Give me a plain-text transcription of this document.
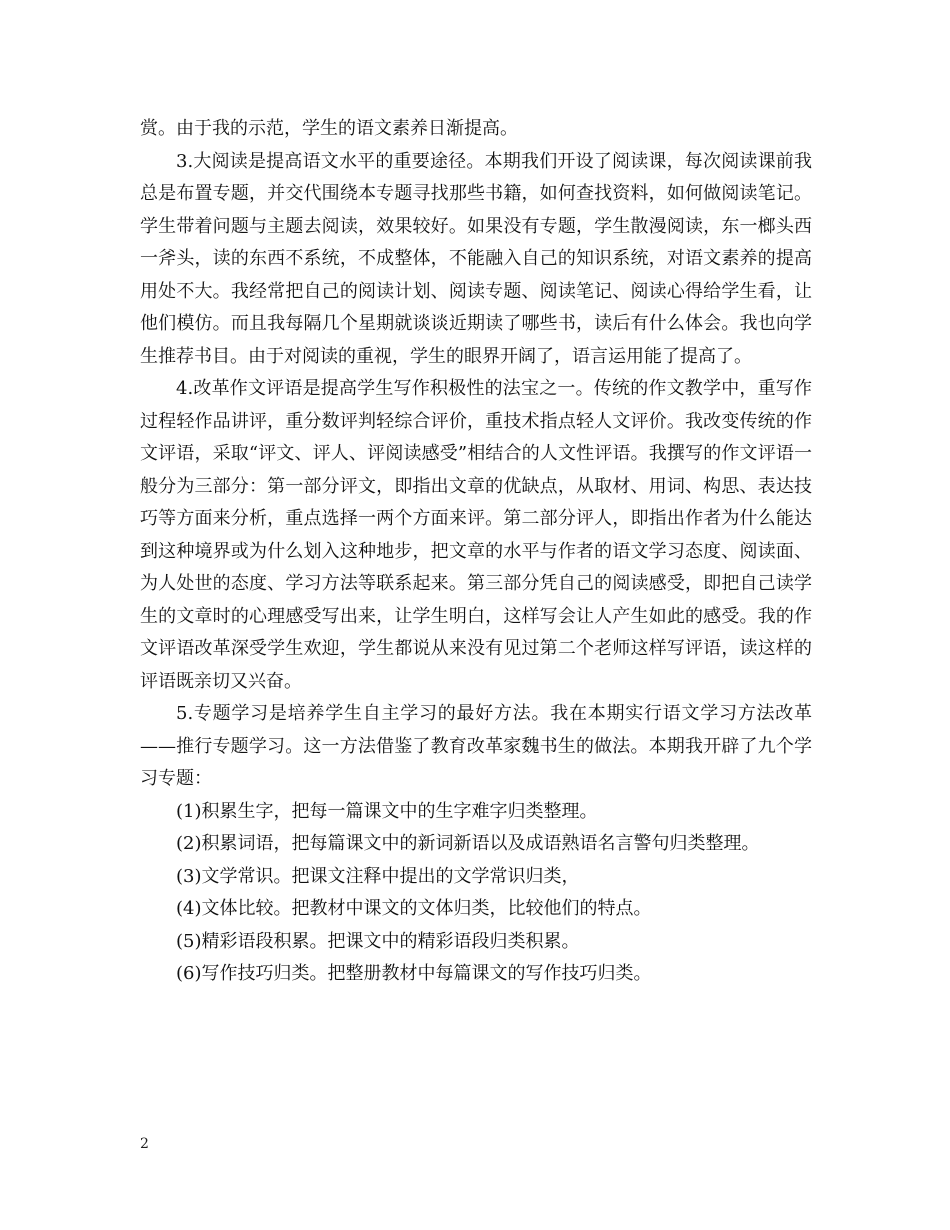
赏。由于我的示范，学生的语文素养日渐提高。

3.大阅读是提高语文水平的重要途径。本期我们开设了阅读课，每次阅读课前我总是布置专题，并交代围绕本专题寻找那些书籍，如何查找资料，如何做阅读笔记。学生带着问题与主题去阅读，效果较好。如果没有专题，学生散漫阅读，东一榔头西一斧头，读的东西不系统，不成整体，不能融入自己的知识系统，对语文素养的提高用处不大。我经常把自己的阅读计划、阅读专题、阅读笔记、阅读心得给学生看，让他们模仿。而且我每隔几个星期就谈谈近期读了哪些书，读后有什么体会。我也向学生推荐书目。由于对阅读的重视，学生的眼界开阔了，语言运用能了提高了。

4.改革作文评语是提高学生写作积极性的法宝之一。传统的作文教学中，重写作过程轻作品讲评，重分数评判轻综合评价，重技术指点轻人文评价。我改变传统的作文评语，采取“评文、评人、评阅读感受”相结合的人文性评语。我撰写的作文评语一般分为三部分：第一部分评文，即指出文章的优缺点，从取材、用词、构思、表达技巧等方面来分析，重点选择一两个方面来评。第二部分评人，即指出作者为什么能达到这种境界或为什么划入这种地步，把文章的水平与作者的语文学习态度、阅读面、为人处世的态度、学习方法等联系起来。第三部分凭自己的阅读感受，即把自己读学生的文章时的心理感受写出来，让学生明白，这样写会让人产生如此的感受。我的作文评语改革深受学生欢迎，学生都说从来没有见过第二个老师这样写评语，读这样的评语既亲切又兴奋。

5.专题学习是培养学生自主学习的最好方法。我在本期实行语文学习方法改革——推行专题学习。这一方法借鉴了教育改革家魏书生的做法。本期我开辟了九个学习专题：

(1)积累生字，把每一篇课文中的生字难字归类整理。

(2)积累词语，把每篇课文中的新词新语以及成语熟语名言警句归类整理。

(3)文学常识。把课文注释中提出的文学常识归类，

(4)文体比较。把教材中课文的文体归类，比较他们的特点。

(5)精彩语段积累。把课文中的精彩语段归类积累。

(6)写作技巧归类。把整册教材中每篇课文的写作技巧归类。

2
